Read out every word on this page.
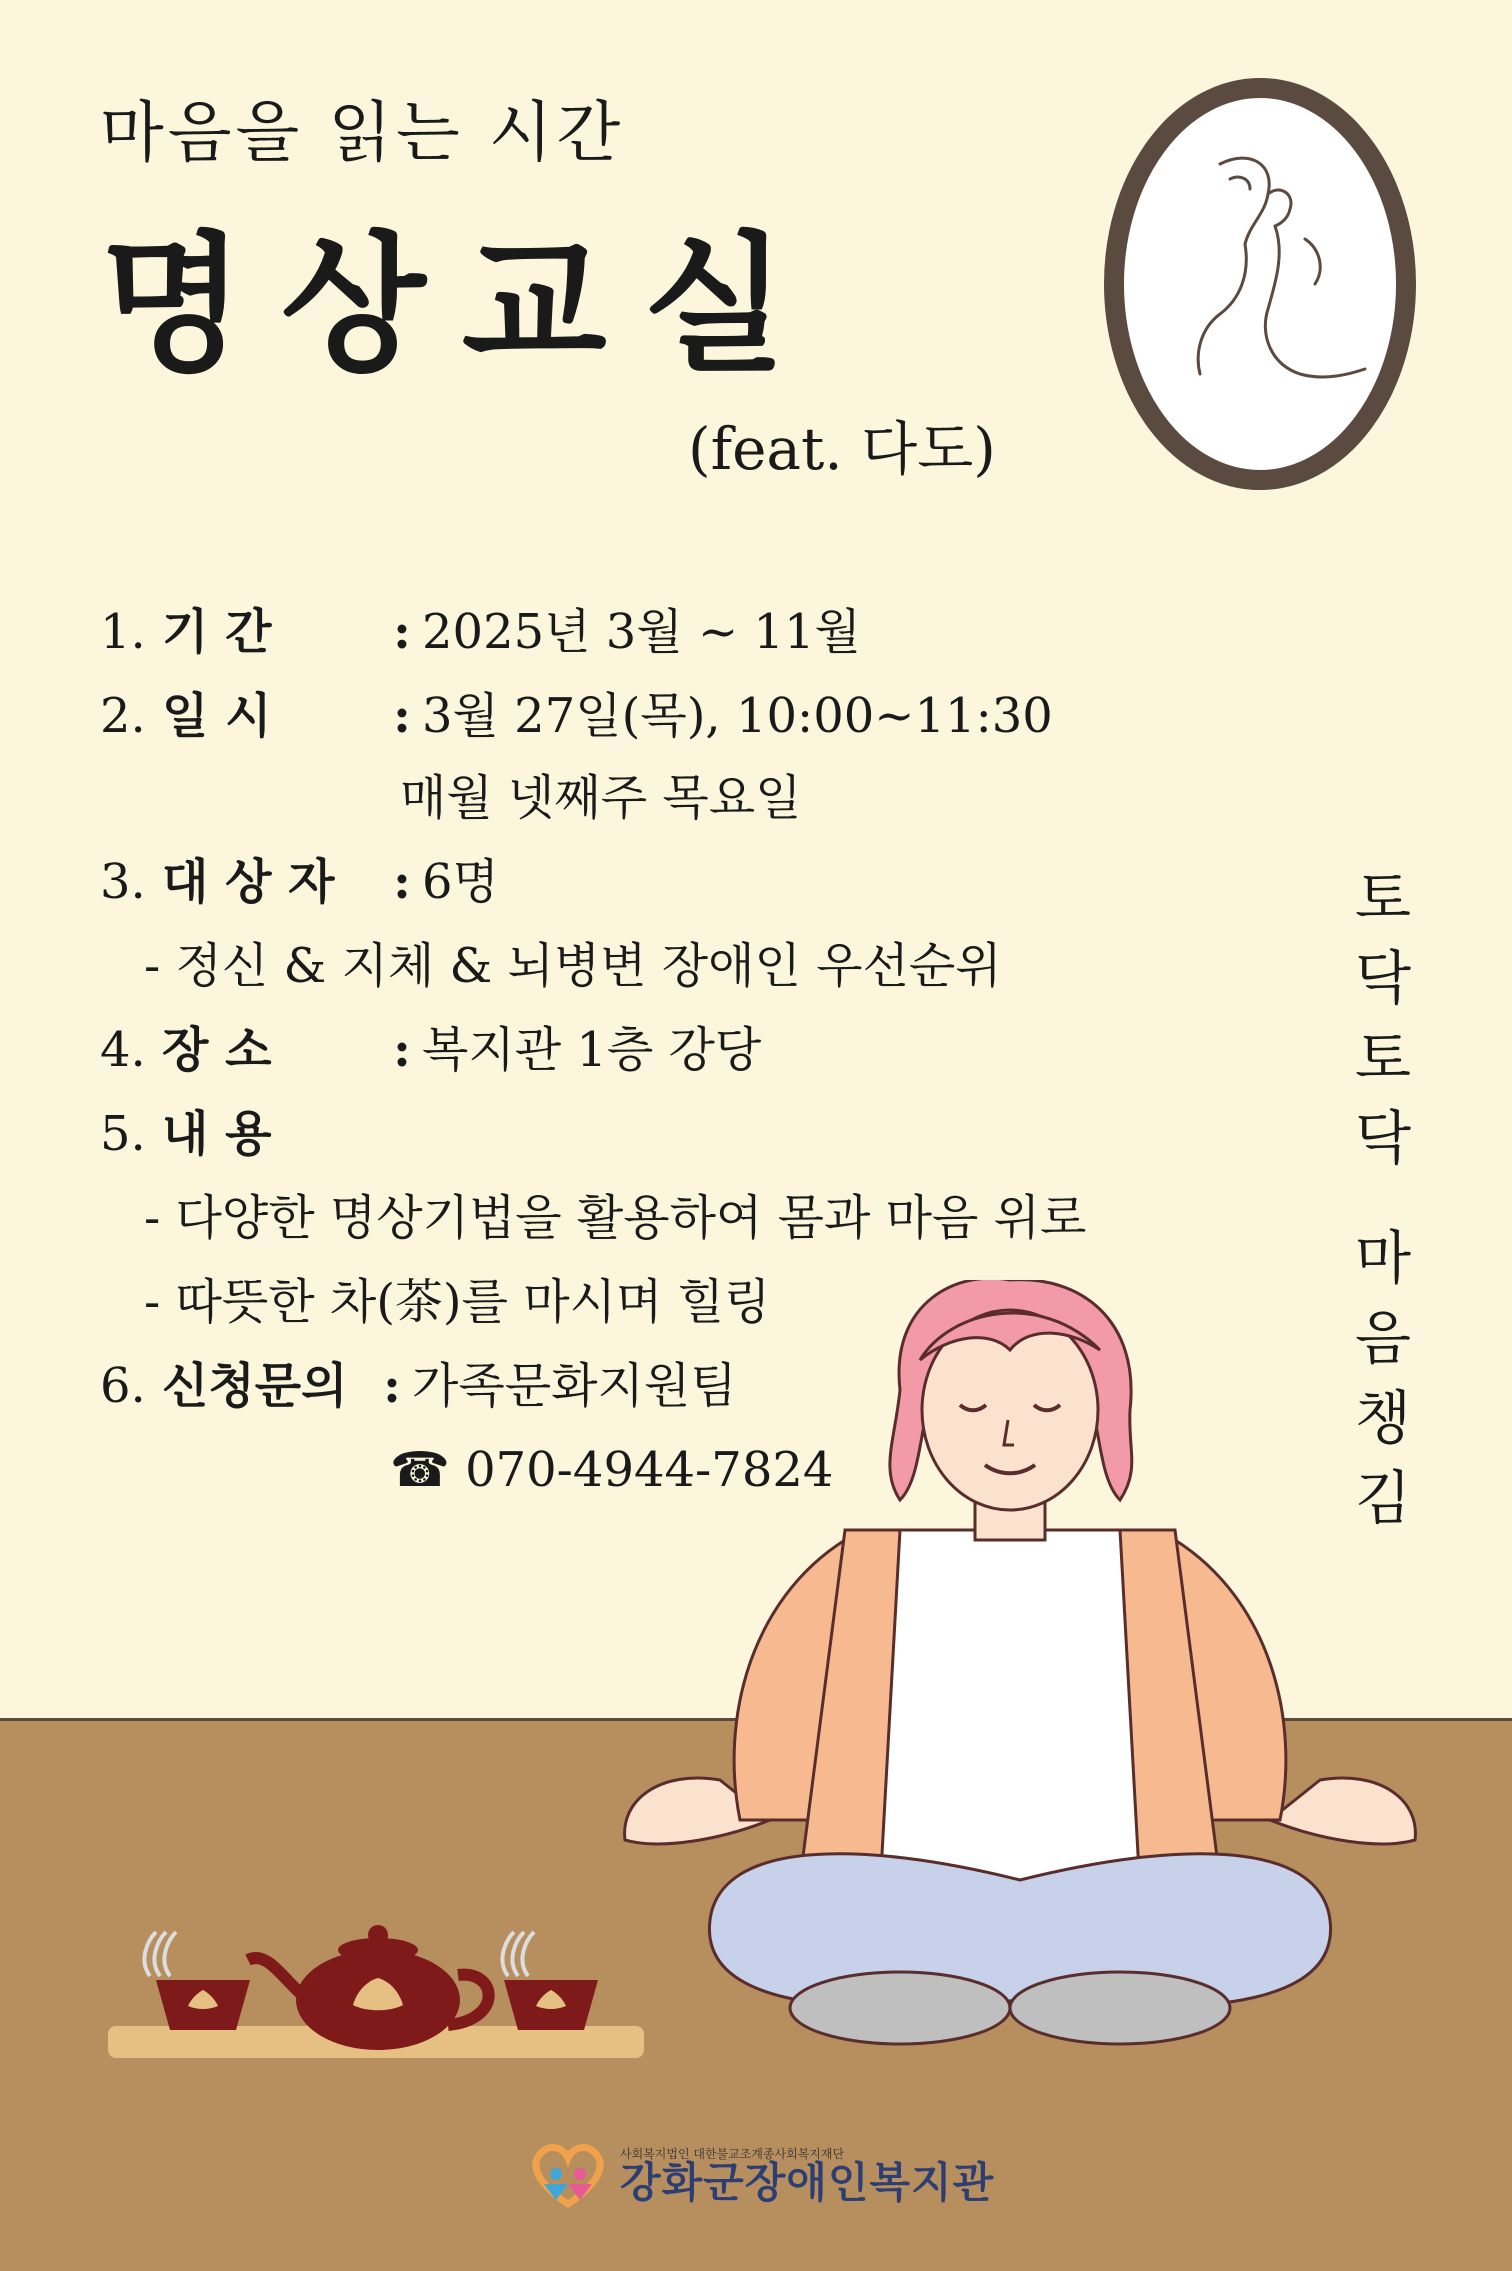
마음을 읽는 시간
명상교실
(feat. 다도)
1. 기 간	: 2025년 3월 ~ 11월
2. 일 시	: 3월 27일(목), 10:00~11:30
매월 넷째주 목요일
3. 대 상 자 : 6명
- 정신 & 지체 & 뇌병변 장애인 우선순위
4. 장 소	: 복지관 1층 강당
5. 내 용
- 다양한 명상기법을 활용하여 몸과 마음 위로
- 따뜻한 차(茶)를 마시며 힐링
6. 신청문의 : 가족문화지원팀
☎ 070-4944-7824
토
닥
토
닥
마
음
챙
김
사회복지법인 대한불교조계종사회복지재단
강화군장애인복지관
